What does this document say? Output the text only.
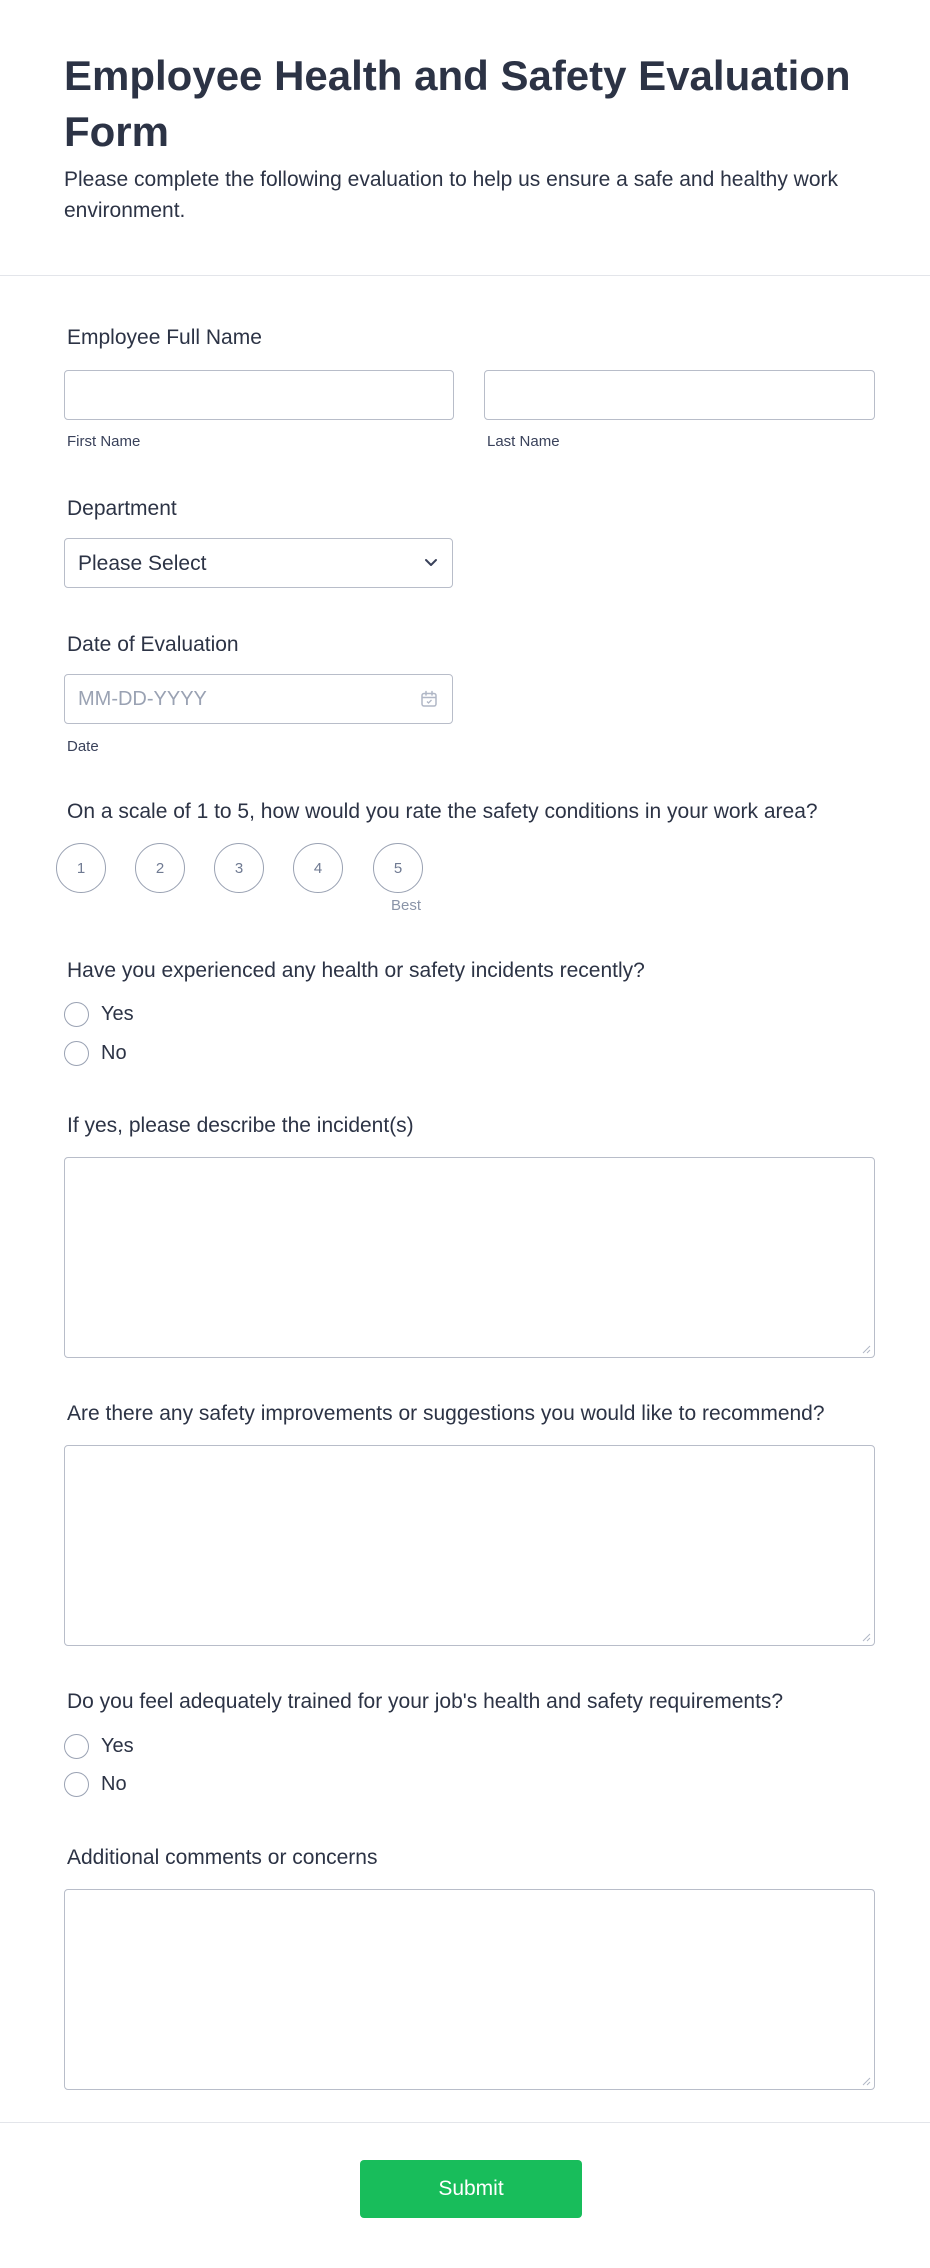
Employee Health and Safety Evaluation Form

Please complete the following evaluation to help us ensure a safe and healthy work environment.

Employee Full Name
First Name	Last Name
Department
Please Select
Date of Evaluation
MM-DD-YYYY
Date
On a scale of 1 to 5, how would you rate the safety conditions in your work area?
1	2	3	4	5
Best
Have you experienced any health or safety incidents recently?
Yes
No
If yes, please describe the incident(s)
Are there any safety improvements or suggestions you would like to recommend?
Do you feel adequately trained for your job's health and safety requirements?
Yes
No
Additional comments or concerns
Submit
